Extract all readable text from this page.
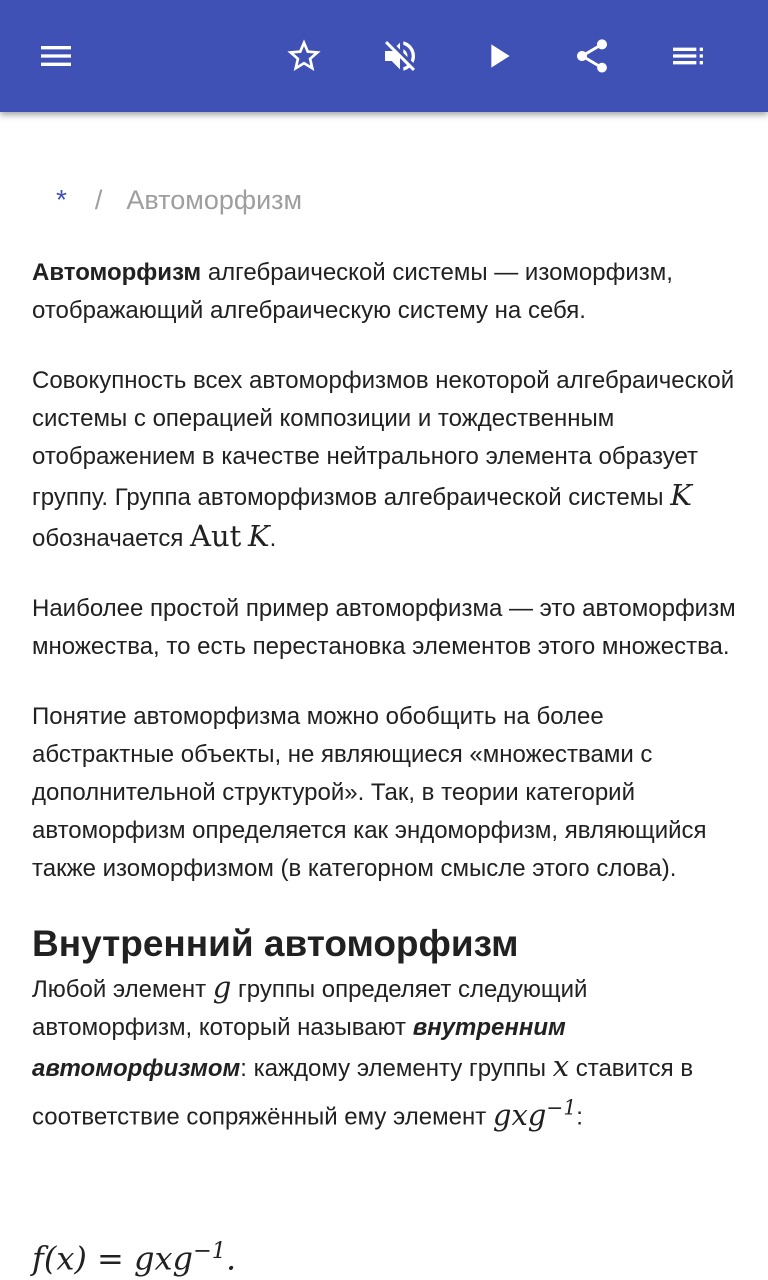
* / Автоморфизм

Автоморфизм алгебраической системы — изоморфизм, отображающий алгебраическую систему на себя.

Совокупность всех автоморфизмов некоторой алгебраической системы с операцией композиции и тождественным отображением в качестве нейтрального элемента образует группу. Группа автоморфизмов алгебраической системы K обозначается Aut K.

Наиболее простой пример автоморфизма — это автоморфизм множества, то есть перестановка элементов этого множества.

Понятие автоморфизма можно обобщить на более абстрактные объекты, не являющиеся «множествами с дополнительной структурой». Так, в теории категорий автоморфизм определяется как эндоморфизм, являющийся также изоморфизмом (в категорном смысле этого слова).

Внутренний автоморфизм

Любой элемент g группы определяет следующий автоморфизм, который называют внутренним автоморфизмом: каждому элементу группы x ставится в соответствие сопряжённый ему элемент gxg$^{-1}$:

f(x) = gxg$^{-1}$.
